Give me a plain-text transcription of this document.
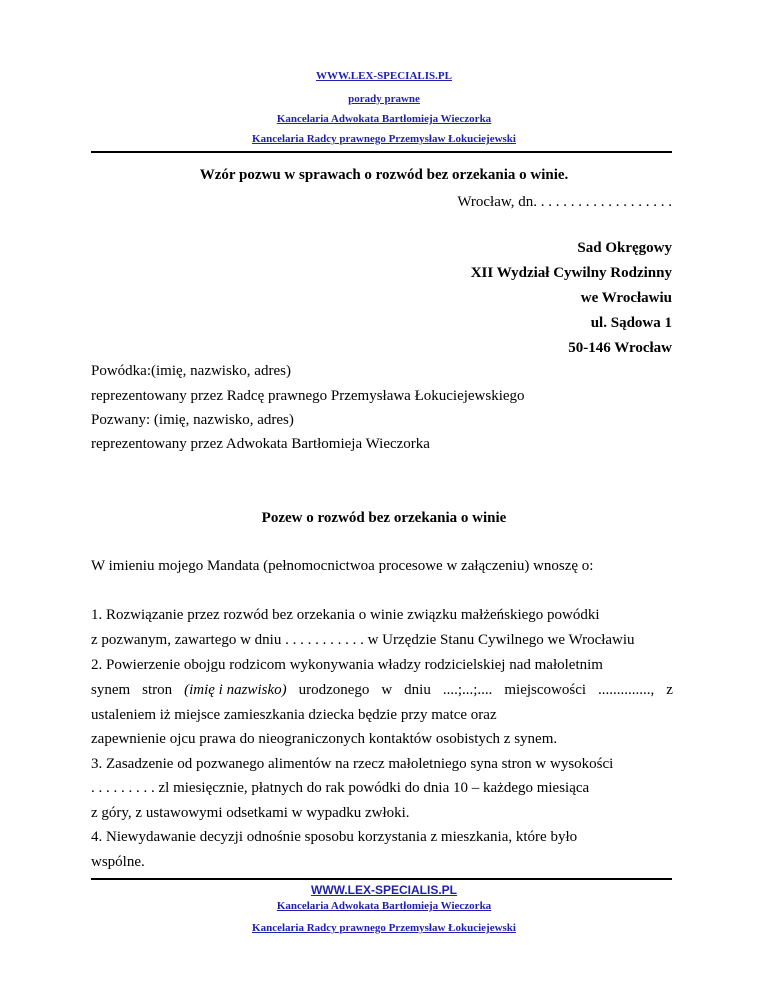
WWW.LEX-SPECIALIS.PL
porady prawne
Kancelaria Adwokata Bartłomieja Wieczorka
Kancelaria Radcy prawnego Przemysław Łokuciejewski
Wzór pozwu w sprawach o rozwód bez orzekania o winie.
Wrocław, dn. . . . . . . . . . . . . . . . . . .
Sad Okręgowy
XII Wydział Cywilny Rodzinny
we Wrocławiu
ul. Sądowa 1
50-146 Wrocław
Powódka:(imię, nazwisko, adres)
reprezentowany przez Radcę prawnego Przemysława Łokuciejewskiego
Pozwany: (imię, nazwisko, adres)
reprezentowany przez Adwokata Bartłomieja Wieczorka
Pozew o rozwód bez orzekania o winie
W imieniu mojego Mandata (pełnomocnictwoa procesowe w załączeniu) wnoszę o:
1. Rozwiązanie przez rozwód bez orzekania o winie związku małżeńskiego powódki
z pozwanym, zawartego w dniu . . . . . . . . . . . w Urzędzie Stanu Cywilnego we Wrocławiu
2. Powierzenie obojgu rodzicom wykonywania władzy rodzicielskiej nad małoletnim
synem stron (imię i nazwisko) urodzonego w dniu ....;...;.... miejscowości .............., z
ustaleniem iż miejsce zamieszkania dziecka będzie przy matce oraz
zapewnienie ojcu prawa do nieograniczonych kontaktów osobistych z synem.
3. Zasadzenie od pozwanego alimentów na rzecz małoletniego syna stron w wysokości
. . . . . . . . . zl miesięcznie, płatnych do rak powódki do dnia 10 – każdego miesiąca
z góry, z ustawowymi odsetkami w wypadku zwłoki.
4. Niewydawanie decyzji odnośnie sposobu korzystania z mieszkania, które było
wspólne.
WWW.LEX-SPECIALIS.PL
Kancelaria Adwokata Bartłomieja Wieczorka
Kancelaria Radcy prawnego Przemysław Łokuciejewski
